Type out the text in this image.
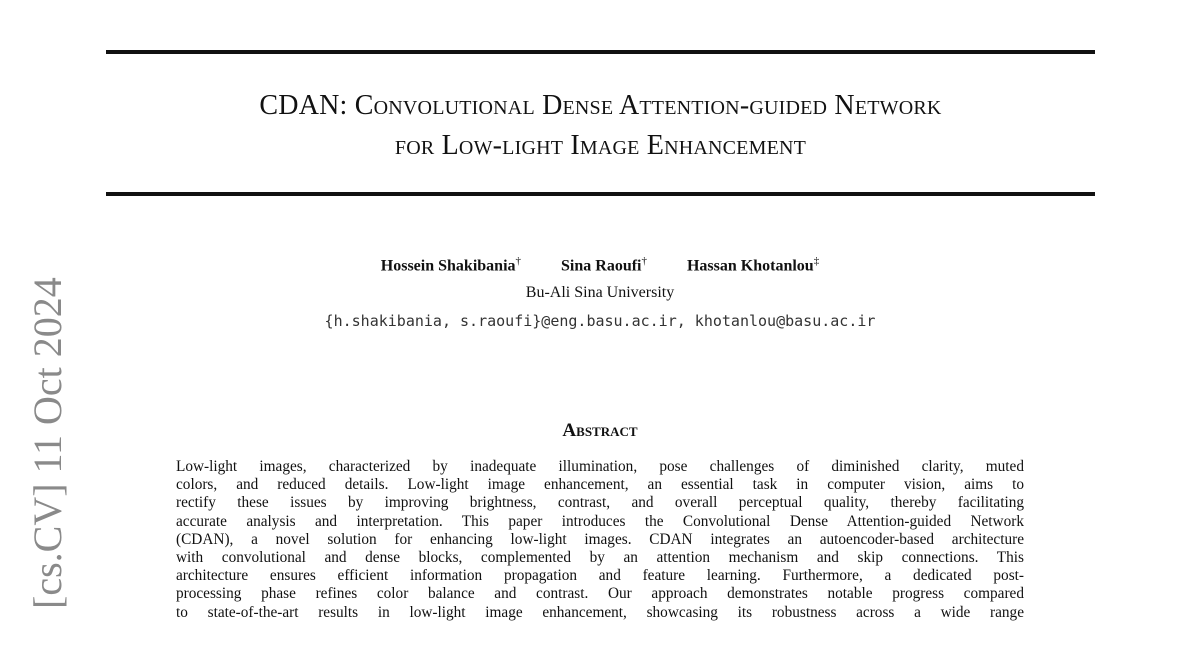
CDAN: Convolutional Dense Attention-guided Network
for Low-light Image Enhancement
Hossein Shakibania†	Sina Raoufi†	Hassan Khotanlou‡
Bu-Ali Sina University
{h.shakibania, s.raoufi}@eng.basu.ac.ir, khotanlou@basu.ac.ir
Abstract
Low-light images, characterized by inadequate illumination, pose challenges of diminished clarity, muted
colors, and reduced details. Low-light image enhancement, an essential task in computer vision, aims to
rectify these issues by improving brightness, contrast, and overall perceptual quality, thereby facilitating
accurate analysis and interpretation. This paper introduces the Convolutional Dense Attention-guided Network
(CDAN), a novel solution for enhancing low-light images. CDAN integrates an autoencoder-based architecture
with convolutional and dense blocks, complemented by an attention mechanism and skip connections. This
architecture ensures efficient information propagation and feature learning. Furthermore, a dedicated post-
processing phase refines color balance and contrast. Our approach demonstrates notable progress compared
to state-of-the-art results in low-light image enhancement, showcasing its robustness across a wide range
[cs.CV] 11 Oct 2024
